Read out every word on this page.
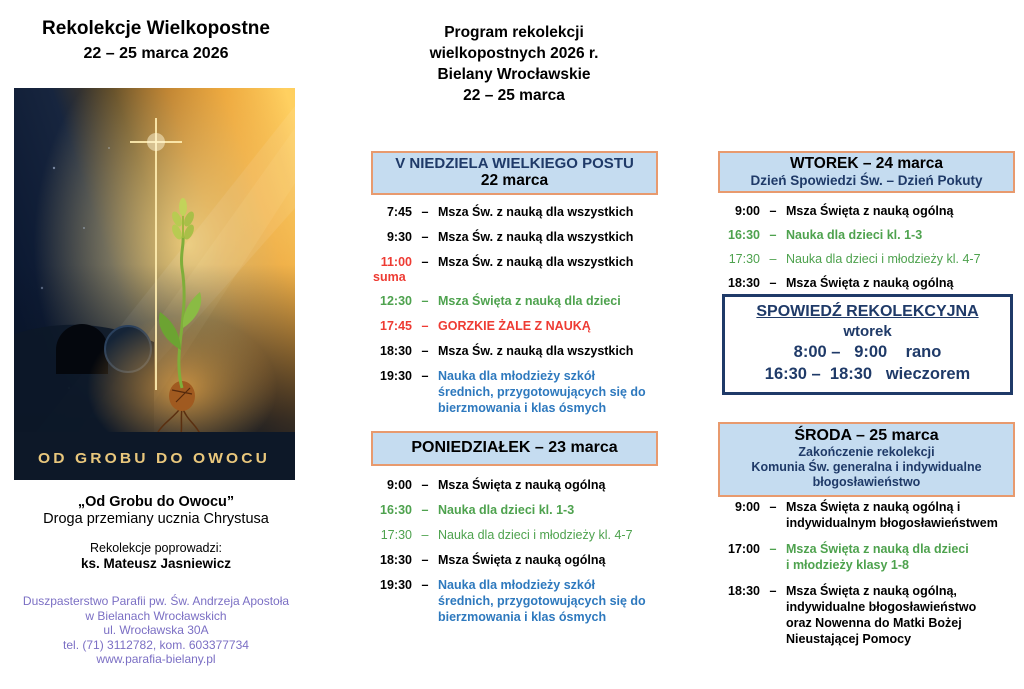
Rekolekcje Wielkopostne
22 – 25 marca 2026
OD GROBU DO OWOCU
„Od Grobu do Owocu”
Droga przemiany ucznia Chrystusa
Rekolekcje poprowadzi:
ks. Mateusz Jasniewicz
Duszpasterstwo Parafii pw. Św. Andrzeja Apostoła
w Bielanach Wrocławskich
ul. Wrocławska 30A
tel. (71) 3112782, kom. 603377734
www.parafia-bielany.pl
Program rekolekcji
wielkopostnych 2026 r.
Bielany Wrocławskie
22 – 25 marca
V NIEDZIELA WIELKIEGO POSTU
22 marca
7:45 – Msza Św. z nauką dla wszystkich
9:30 – Msza Św. z nauką dla wszystkich
11:00
suma
– Msza Św. z nauką dla wszystkich
12:30 – Msza Święta z nauką dla dzieci
17:45 – GORZKIE ŻALE Z NAUKĄ
18:30 – Msza Św. z nauką dla wszystkich
19:30 – Nauka dla młodzieży szkół
średnich, przygotowujących się do
bierzmowania i klas ósmych
PONIEDZIAŁEK – 23 marca
9:00 – Msza Święta z nauką ogólną
16:30 – Nauka dla dzieci kl. 1-3
17:30 – Nauka dla dzieci i młodzieży kl. 4-7
18:30 – Msza Święta z nauką ogólną
19:30 – Nauka dla młodzieży szkół
średnich, przygotowujących się do
bierzmowania i klas ósmych
WTOREK – 24 marca
Dzień Spowiedzi Św. – Dzień Pokuty
9:00 – Msza Święta z nauką ogólną
16:30 – Nauka dla dzieci kl. 1-3
17:30 – Nauka dla dzieci i młodzieży kl. 4-7
18:30 – Msza Święta z nauką ogólną
SPOWIEDŹ REKOLEKCYJNA
wtorek
8:00 –   9:00    rano
16:30 –  18:30   wieczorem
ŚRODA – 25 marca
Zakończenie rekolekcji
Komunia Św. generalna i indywidualne
błogosławieństwo
9:00 – Msza Święta z nauką ogólną i
indywidualnym błogosławieństwem
17:00 – Msza Święta z nauką dla dzieci
i młodzieży klasy 1-8
18:30 – Msza Święta z nauką ogólną,
indywidualne błogosławieństwo
oraz Nowenna do Matki Bożej
Nieustającej Pomocy
